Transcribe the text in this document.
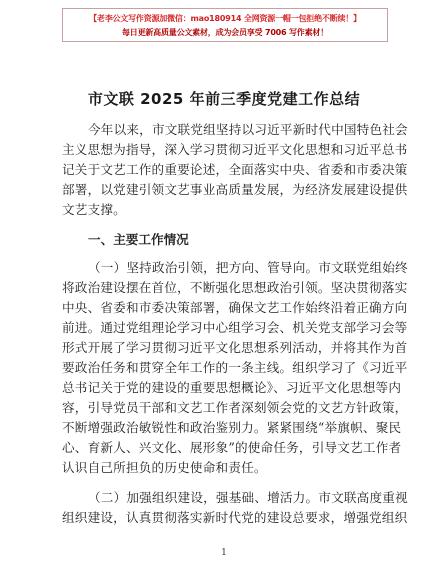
【老李公文写作资源加微信：mao180914 全网资源一帽一包拒绝不断续！】
每日更新高质量公文素材，成为会员享受 7006 写作素材！
市文联 2025 年前三季度党建工作总结
今年以来，市文联党组坚持以习近平新时代中国特色社会
主义思想为指导，深入学习贯彻习近平文化思想和习近平总书
记关于文艺工作的重要论述，全面落实中央、省委和市委决策
部署，以党建引领文艺事业高质量发展，为经济发展建设提供
文艺支撑。
一、主要工作情况
（一）坚持政治引领，把方向、管导向。市文联党组始终
将政治建设摆在首位，不断强化思想政治引领。坚决贯彻落实
中央、省委和市委决策部署，确保文艺工作始终沿着正确方向
前进。通过党组理论学习中心组学习会、机关党支部学习会等
形式开展了学习贯彻习近平文化思想系列活动，并将其作为首
要政治任务和贯穿全年工作的一条主线。组织学习了《习近平
总书记关于党的建设的重要思想概论》、习近平文化思想等内
容，引导党员干部和文艺工作者深刻领会党的文艺方针政策，
不断增强政治敏锐性和政治鉴别力。紧紧围绕“举旗帜、聚民
心、育新人、兴文化、展形象”的使命任务，引导文艺工作者
认识自己所担负的历史使命和责任。
（二）加强组织建设，强基础、增活力。市文联高度重视
组织建设，认真贯彻落实新时代党的建设总要求，增强党组织
1
